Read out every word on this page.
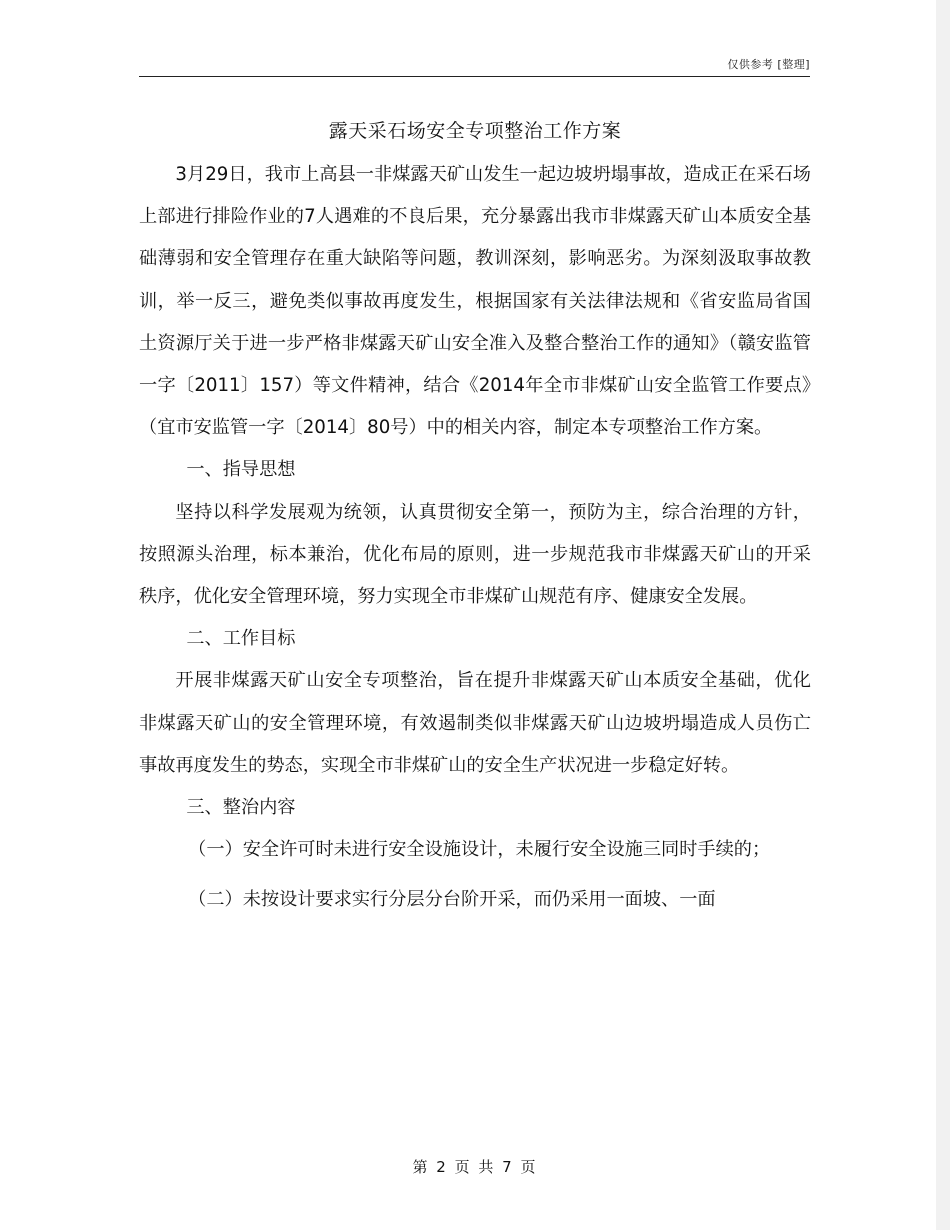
仅供参考 [整理]
露天采石场安全专项整治工作方案

3月29日，我市上高县一非煤露天矿山发生一起边坡坍塌事故，造成正在采石场上部进行排险作业的7人遇难的不良后果，充分暴露出我市非煤露天矿山本质安全基础薄弱和安全管理存在重大缺陷等问题，教训深刻，影响恶劣。为深刻汲取事故教训，举一反三，避免类似事故再度发生，根据国家有关法律法规和《省安监局省国土资源厅关于进一步严格非煤露天矿山安全准入及整合整治工作的通知》（赣安监管一字〔2011〕157）等文件精神，结合《2014年全市非煤矿山安全监管工作要点》（宜市安监管一字〔2014〕80号）中的相关内容，制定本专项整治工作方案。

一、指导思想

坚持以科学发展观为统领，认真贯彻安全第一，预防为主，综合治理的方针，按照源头治理，标本兼治，优化布局的原则，进一步规范我市非煤露天矿山的开采秩序，优化安全管理环境，努力实现全市非煤矿山规范有序、健康安全发展。

二、工作目标

开展非煤露天矿山安全专项整治，旨在提升非煤露天矿山本质安全基础，优化非煤露天矿山的安全管理环境，有效遏制类似非煤露天矿山边坡坍塌造成人员伤亡事故再度发生的势态，实现全市非煤矿山的安全生产状况进一步稳定好转。

三、整治内容

（一）安全许可时未进行安全设施设计，未履行安全设施三同时手续的；

（二）未按设计要求实行分层分台阶开采，而仍采用一面坡、一面

第 2 页 共 7 页
